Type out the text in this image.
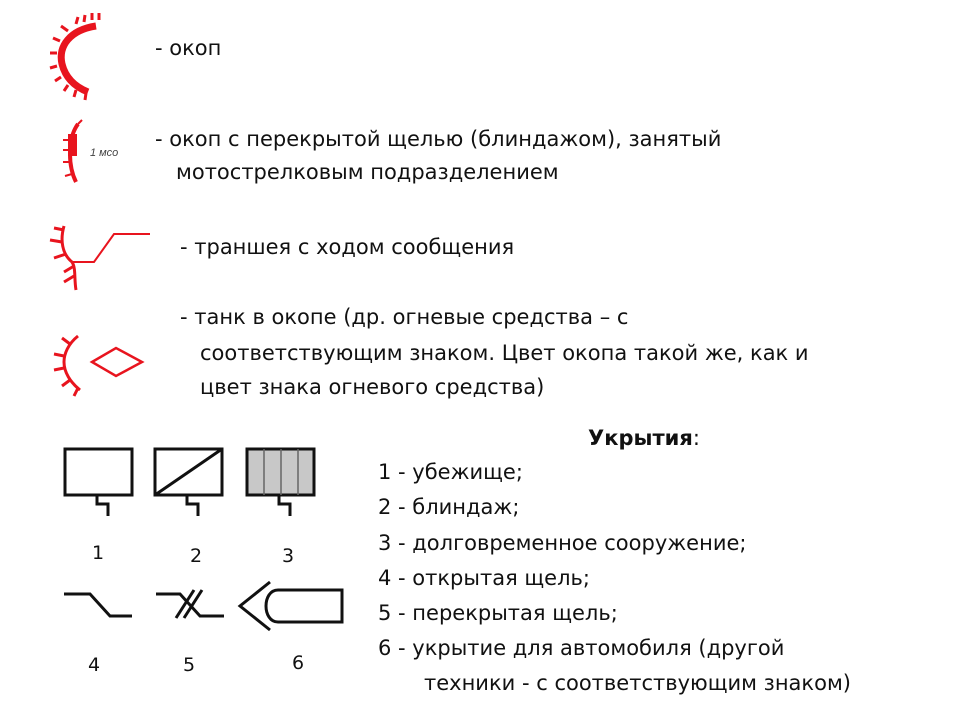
- окоп
1 мсо
- окоп с перекрытой щелью (блиндажом), занятый
мотострелковым подразделением
- траншея с ходом сообщения
- танк в окопе (др. огневые средства – с
соответствующим знаком. Цвет окопа такой же, как и
цвет знака огневого средства)
1	2	3
4	5	6
Укрытия:
1 - убежище;
2 - блиндаж;
3 - долговременное сооружение;
4 - открытая щель;
5 - перекрытая щель;
6 - укрытие для автомобиля (другой
техники - с соответствующим знаком)
